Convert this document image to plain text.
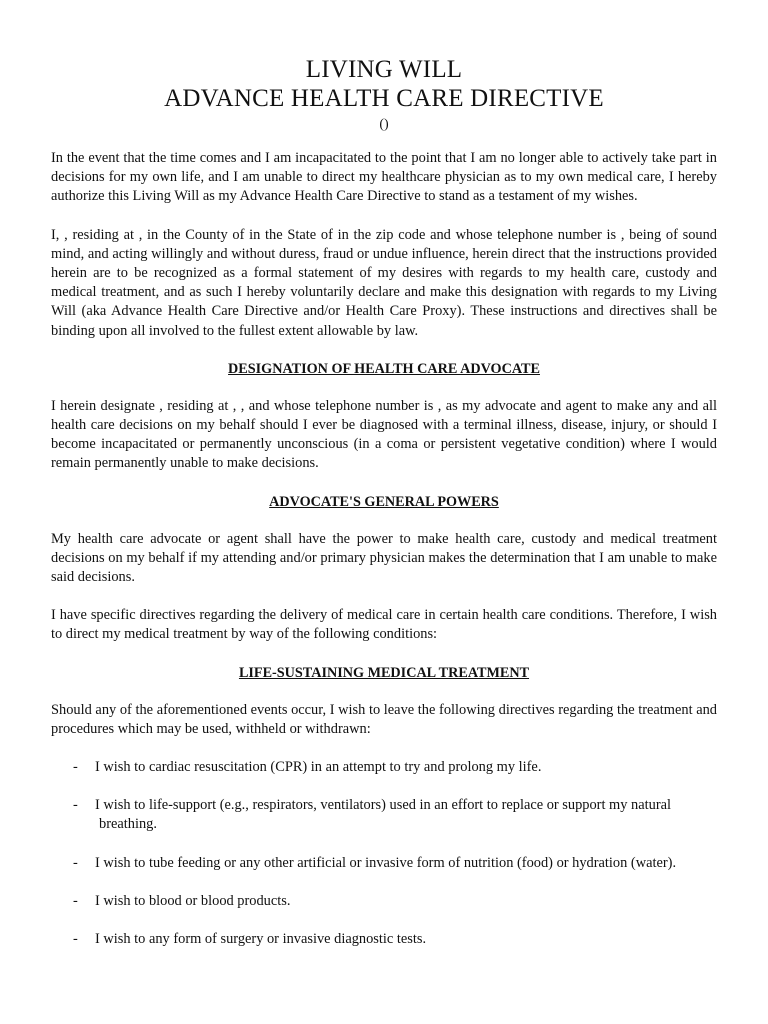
LIVING WILL
ADVANCE HEALTH CARE DIRECTIVE
()

In the event that the time comes and I am incapacitated to the point that I am no longer able to actively take part in decisions for my own life, and I am unable to direct my healthcare physician as to my own medical care, I hereby authorize this Living Will as my Advance Health Care Directive to stand as a testament of my wishes.

I, , residing at , in the County of in the State of in the zip code and whose telephone number is , being of sound mind, and acting willingly and without duress, fraud or undue influence, herein direct that the instructions provided herein are to be recognized as a formal statement of my desires with regards to my health care, custody and medical treatment, and as such I hereby voluntarily declare and make this designation with regards to my Living Will (aka Advance Health Care Directive and/or Health Care Proxy). These instructions and directives shall be binding upon all involved to the fullest extent allowable by law.

DESIGNATION OF HEALTH CARE ADVOCATE

I herein designate , residing at , , and whose telephone number is , as my advocate and agent to make any and all health care decisions on my behalf should I ever be diagnosed with a terminal illness, disease, injury, or should I become incapacitated or permanently unconscious (in a coma or persistent vegetative condition) where I would remain permanently unable to make decisions.

ADVOCATE'S GENERAL POWERS

My health care advocate or agent shall have the power to make health care, custody and medical treatment decisions on my behalf if my attending and/or primary physician makes the determination that I am unable to make said decisions.

I have specific directives regarding the delivery of medical care in certain health care conditions. Therefore, I wish to direct my medical treatment by way of the following conditions:

LIFE-SUSTAINING MEDICAL TREATMENT

Should any of the aforementioned events occur, I wish to leave the following directives regarding the treatment and procedures which may be used, withheld or withdrawn:

-	I wish to cardiac resuscitation (CPR) in an attempt to try and prolong my life.
-	I wish to life-support (e.g., respirators, ventilators) used in an effort to replace or support my natural
breathing.
-	I wish to tube feeding or any other artificial or invasive form of nutrition (food) or hydration (water).
-	I wish to blood or blood products.
-	I wish to any form of surgery or invasive diagnostic tests.
